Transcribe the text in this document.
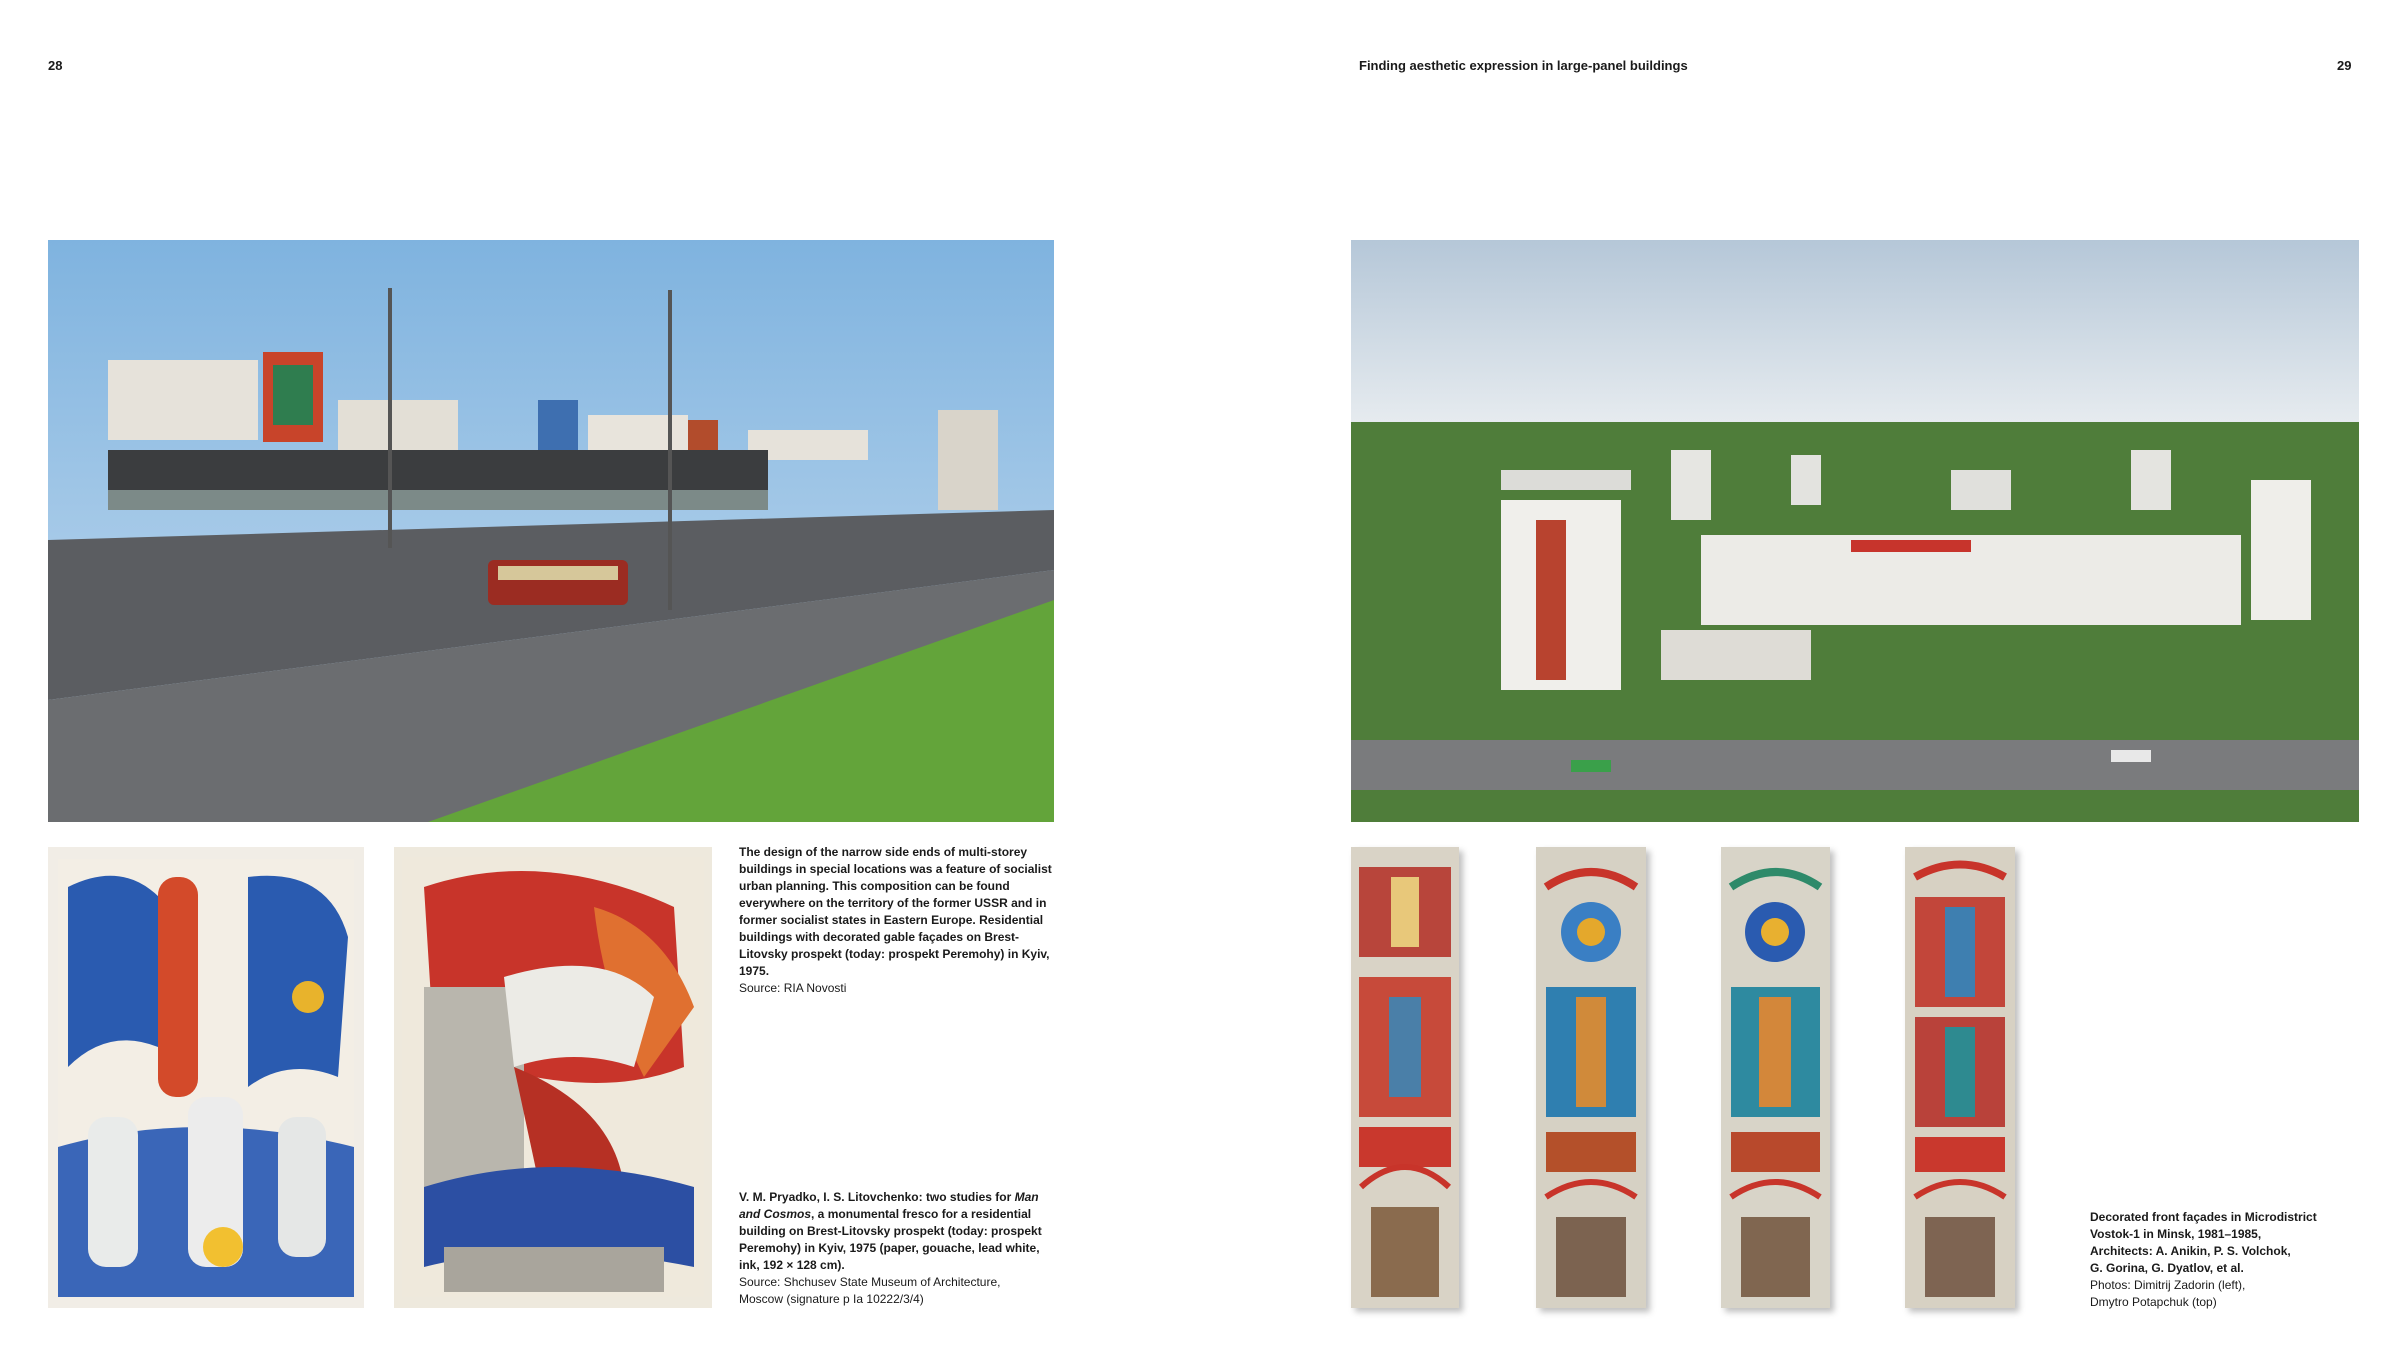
28	Finding aesthetic expression in large-panel buildings	29
The design of the narrow side ends of multi-storey buildings in special locations was a feature of socialist urban planning. This composition can be found everywhere on the territory of the former USSR and in former socialist states in Eastern Europe. Residential buildings with decorated gable façades on Brest-Litovsky prospekt (today: prospekt Peremohy) in Kyiv, 1975.
Source: RIA Novosti
V. M. Pryadko, I. S. Litovchenko: two studies for Man and Cosmos, a monumental fresco for a residential building on Brest-Litovsky prospekt (today: prospekt Peremohy) in Kyiv, 1975 (paper, gouache, lead white, ink, 192 × 128 cm).
Source: Shchusev State Museum of Architecture,
Moscow (signature p Ia 10222/3/4)
Decorated front façades in Microdistrict
Vostok-1 in Minsk, 1981–1985,
Architects: A. Anikin, P. S. Volchok,
G. Gorina, G. Dyatlov, et al.
Photos: Dimitrij Zadorin (left),
Dmytro Potapchuk (top)
